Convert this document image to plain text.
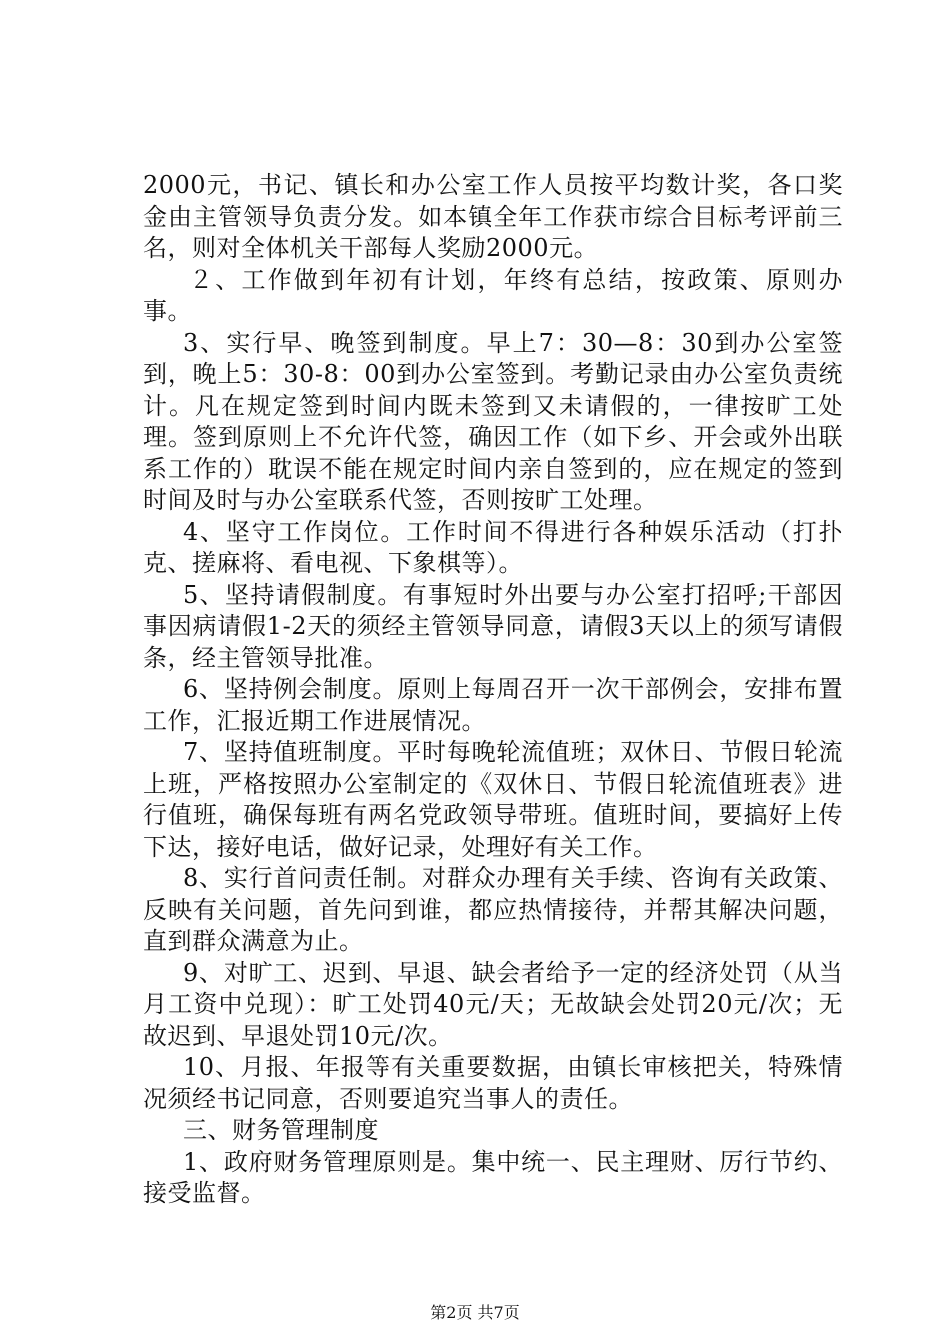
2000元，书记、镇长和办公室工作人员按平均数计奖，各口奖金由主管领导负责分发。如本镇全年工作获市综合目标考评前三名，则对全体机关干部每人奖励2000元。

２、工作做到年初有计划，年终有总结，按政策、原则办事。

3、实行早、晚签到制度。早上7：30—8：30到办公室签到，晚上5：30-8：00到办公室签到。考勤记录由办公室负责统计。凡在规定签到时间内既未签到又未请假的，一律按旷工处理。签到原则上不允许代签，确因工作（如下乡、开会或外出联系工作的）耽误不能在规定时间内亲自签到的，应在规定的签到时间及时与办公室联系代签，否则按旷工处理。

4、坚守工作岗位。工作时间不得进行各种娱乐活动（打扑克、搓麻将、看电视、下象棋等）。

5、坚持请假制度。有事短时外出要与办公室打招呼;干部因事因病请假1-2天的须经主管领导同意，请假3天以上的须写请假条，经主管领导批准。

6、坚持例会制度。原则上每周召开一次干部例会，安排布置工作，汇报近期工作进展情况。

7、坚持值班制度。平时每晚轮流值班；双休日、节假日轮流上班，严格按照办公室制定的《双休日、节假日轮流值班表》进行值班，确保每班有两名党政领导带班。值班时间，要搞好上传下达，接好电话，做好记录，处理好有关工作。

8、实行首问责任制。对群众办理有关手续、咨询有关政策、反映有关问题，首先问到谁，都应热情接待，并帮其解决问题，直到群众满意为止。

9、对旷工、迟到、早退、缺会者给予一定的经济处罚（从当月工资中兑现）：旷工处罚40元/天；无故缺会处罚20元/次；无故迟到、早退处罚10元/次。

10、月报、年报等有关重要数据，由镇长审核把关，特殊情况须经书记同意，否则要追究当事人的责任。

三、财务管理制度

1、政府财务管理原则是。集中统一、民主理财、厉行节约、接受监督。

第2页 共7页
